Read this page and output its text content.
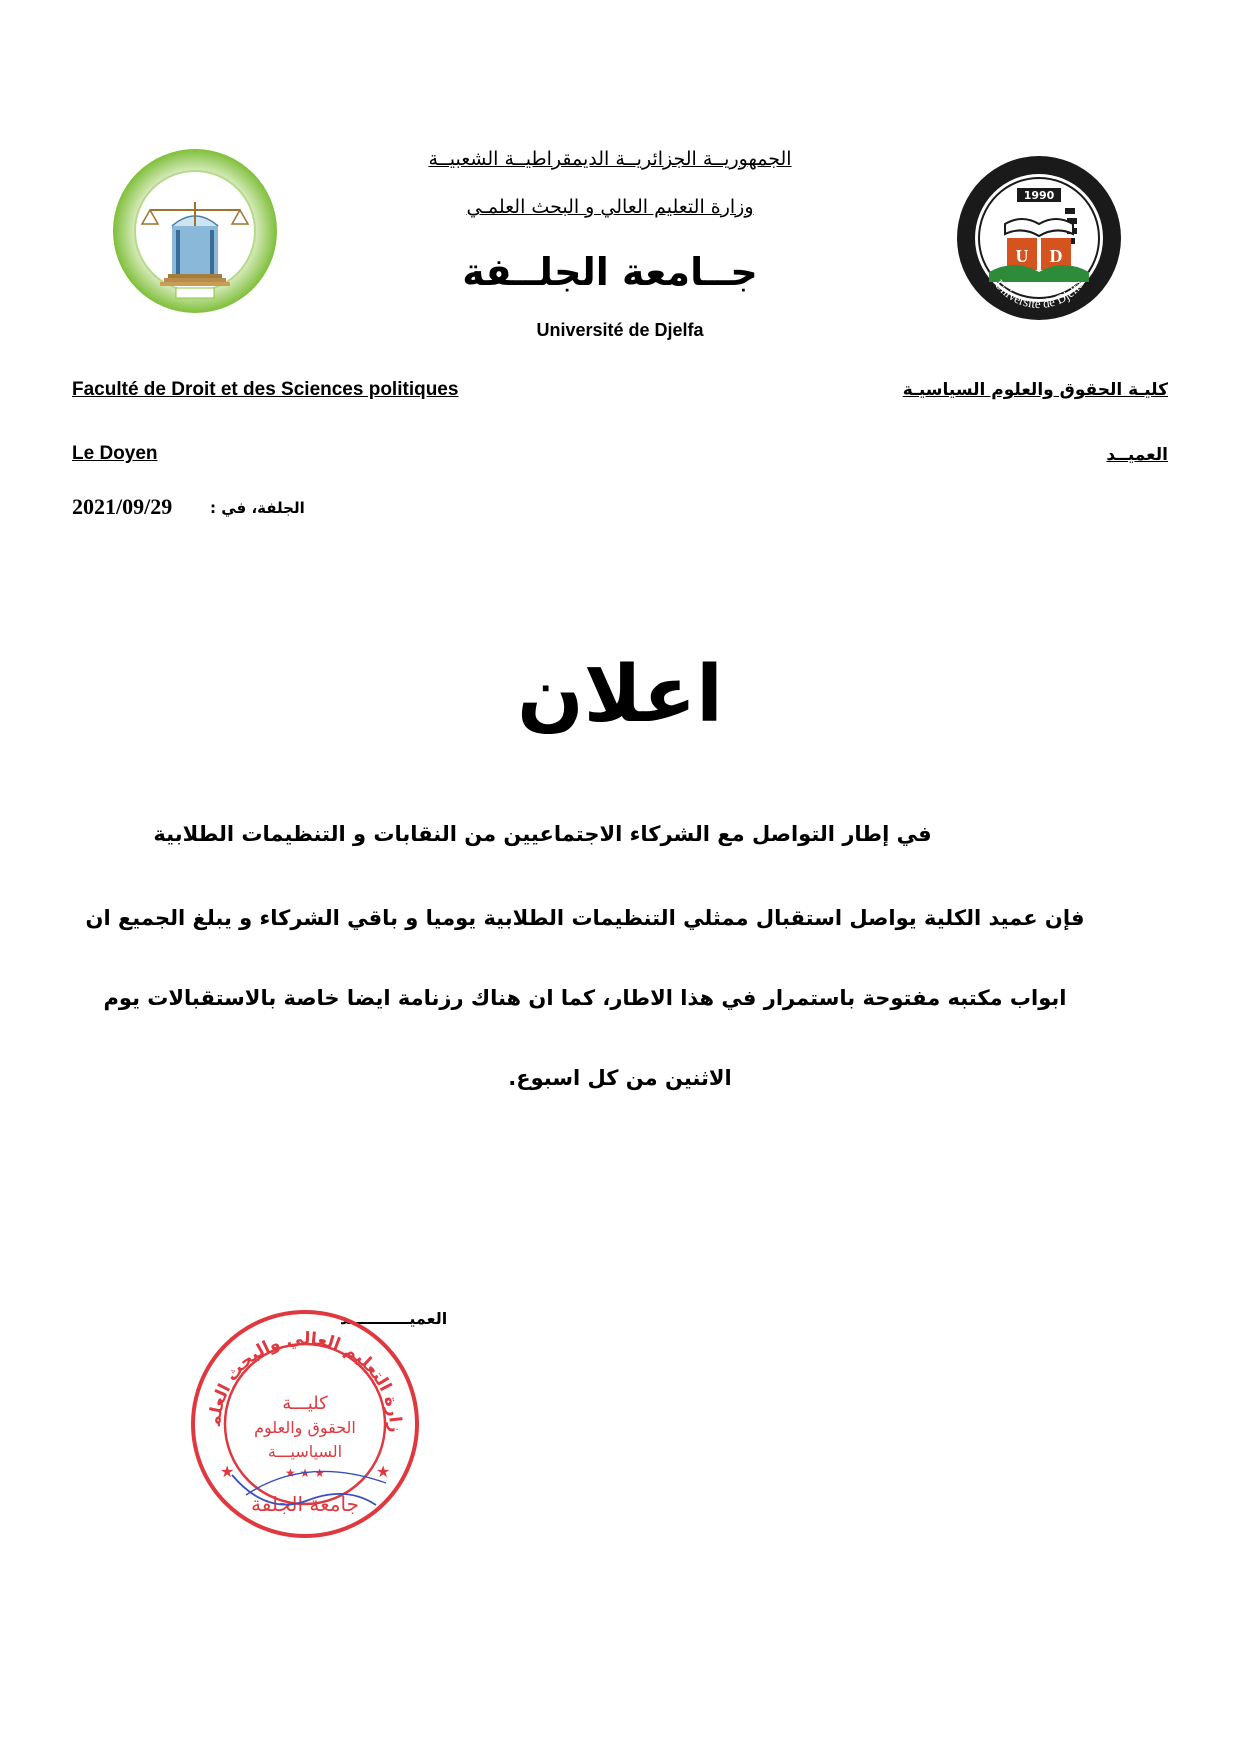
1990
U D
Université de Djelfa
الجمهوريــة الجزائريــة الديمقراطيــة الشعبيــة
وزارة التعليم العالي و البحث العلمـي
جــامعة الجلــفة
Université de Djelfa
Faculté de Droit et des Sciences politiques	كليـة الحقوق والعلوم السياسيـة
Le Doyen	العميــد
2021/09/29	الجلفة، في :
اعلان
في إطار التواصل مع الشركاء الاجتماعيين من النقابات و التنظيمات الطلابية
فإن عميد الكلية يواصل استقبال ممثلي التنظيمات الطلابية يوميا و باقي الشركاء و يبلغ الجميع ان
ابواب مكتبه مفتوحة باستمرار في هذا الاطار، كما ان هناك رزنامة ايضا خاصة بالاستقبالات يوم
الاثنين من كل اسبوع.
العميـــــــــــد
زارة التعليم العالي والبحث العلم
كليـــة
الحقوق والعلوم
السياسيـــة
★	★
★ ★ ★
جامعة الجلفة
